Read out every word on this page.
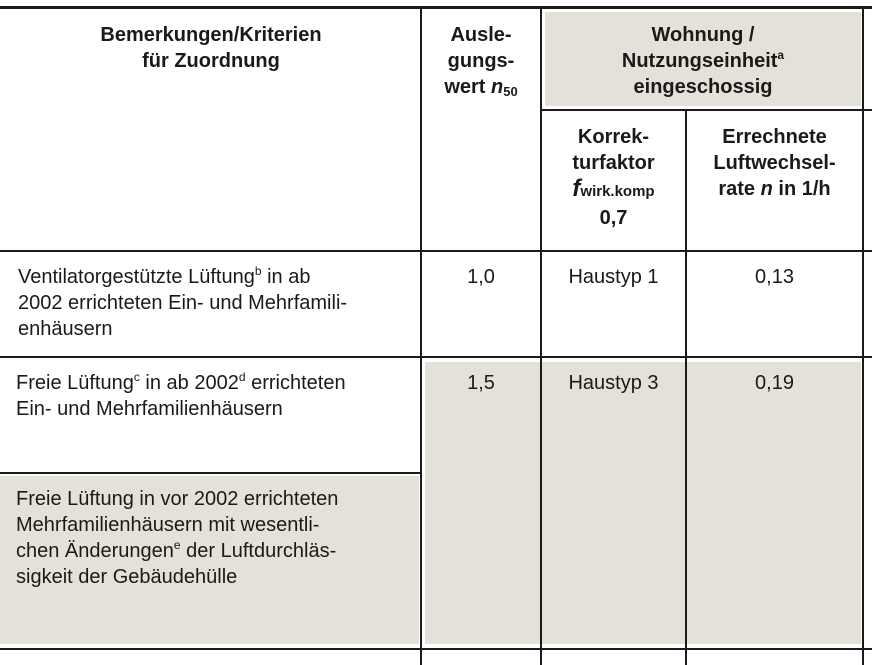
Bemerkungen/Kriterien
für Zuordnung
Ausle-
gungs-
wert $n_{50}$
Wohnung /
Nutzungseinheit$^a$
eingeschossig
Korrek-
turfaktor
fwirk.komp
0,7
Errechnete
Luftwechsel-
rate n in 1/h
Ventilatorgestützte Lüftung$^b$ in ab
2002 errichteten Ein- und Mehrfamili-
enhäusern
1,0	Haustyp 1	0,13
Freie Lüftung$^c$ in ab 2002$^d$ errichteten
Ein- und Mehrfamilienhäusern
1,5	Haustyp 3	0,19
Freie Lüftung in vor 2002 errichteten
Mehrfamilienhäusern mit wesentli-
chen Änderungen$^e$ der Luftdurchläs-
sigkeit der Gebäudehülle
